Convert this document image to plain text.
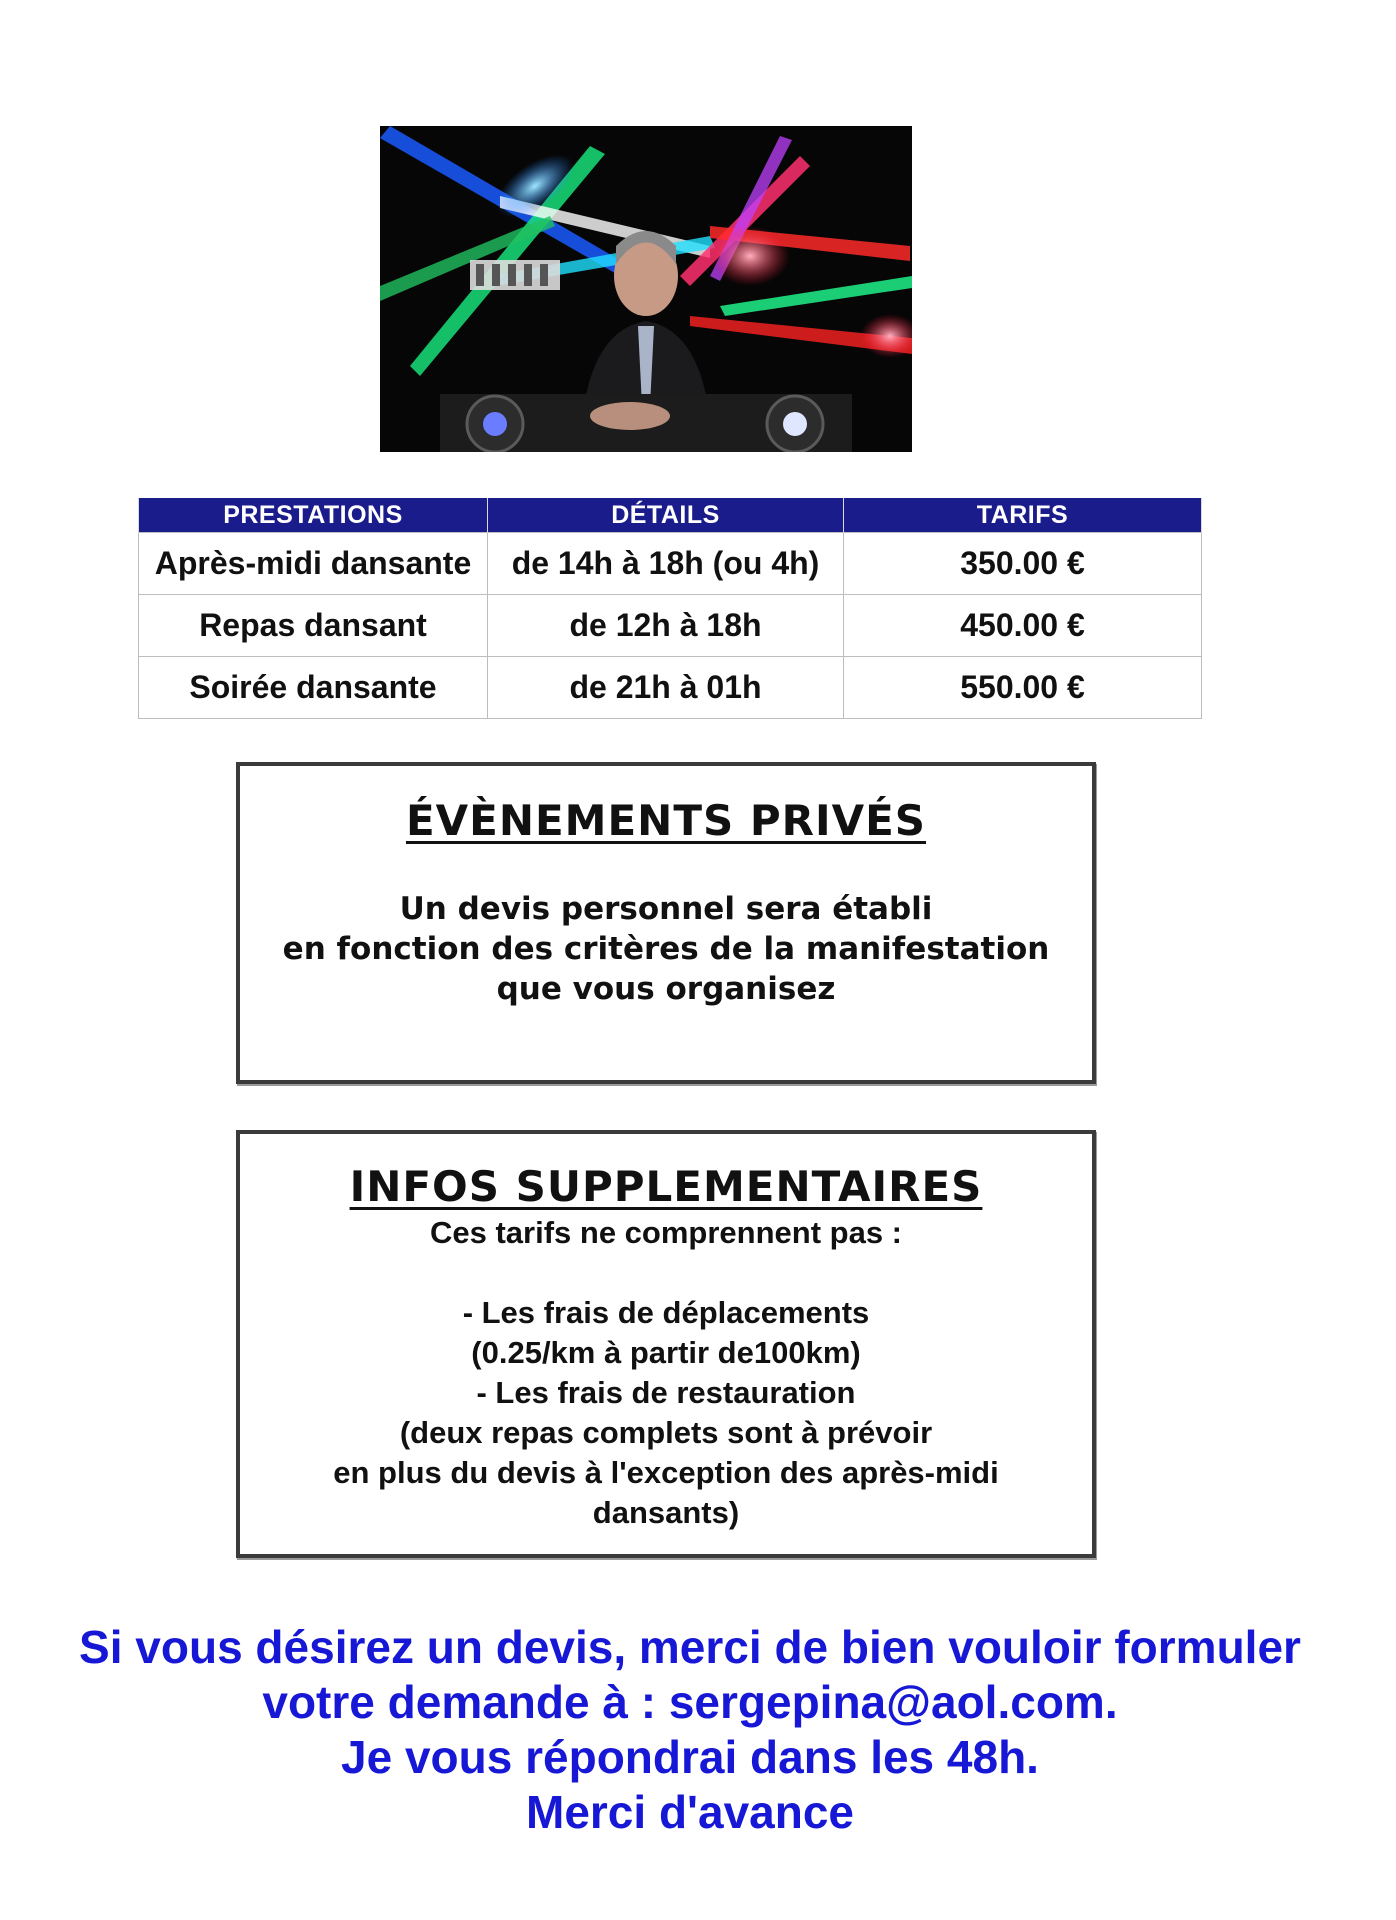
PRESTATIONS	DÉTAILS	TARIFS
Après-midi dansante	de 14h à 18h (ou 4h)	350.00 €
Repas dansant	de 12h à 18h	450.00 €
Soirée dansante	de 21h à 01h	550.00 €
ÉVÈNEMENTS PRIVÉS
Un devis personnel sera établi
en fonction des critères de la manifestation
que vous organisez
INFOS SUPPLEMENTAIRES
Ces tarifs ne comprennent pas :
- Les frais de déplacements
(0.25/km à partir de100km)
- Les frais de restauration
(deux repas complets sont à prévoir
en plus du devis à l'exception des après-midi
dansants)
Si vous désirez un devis, merci de bien vouloir formuler
votre demande à : sergepina@aol.com.
Je vous répondrai dans les 48h.
Merci d'avance
